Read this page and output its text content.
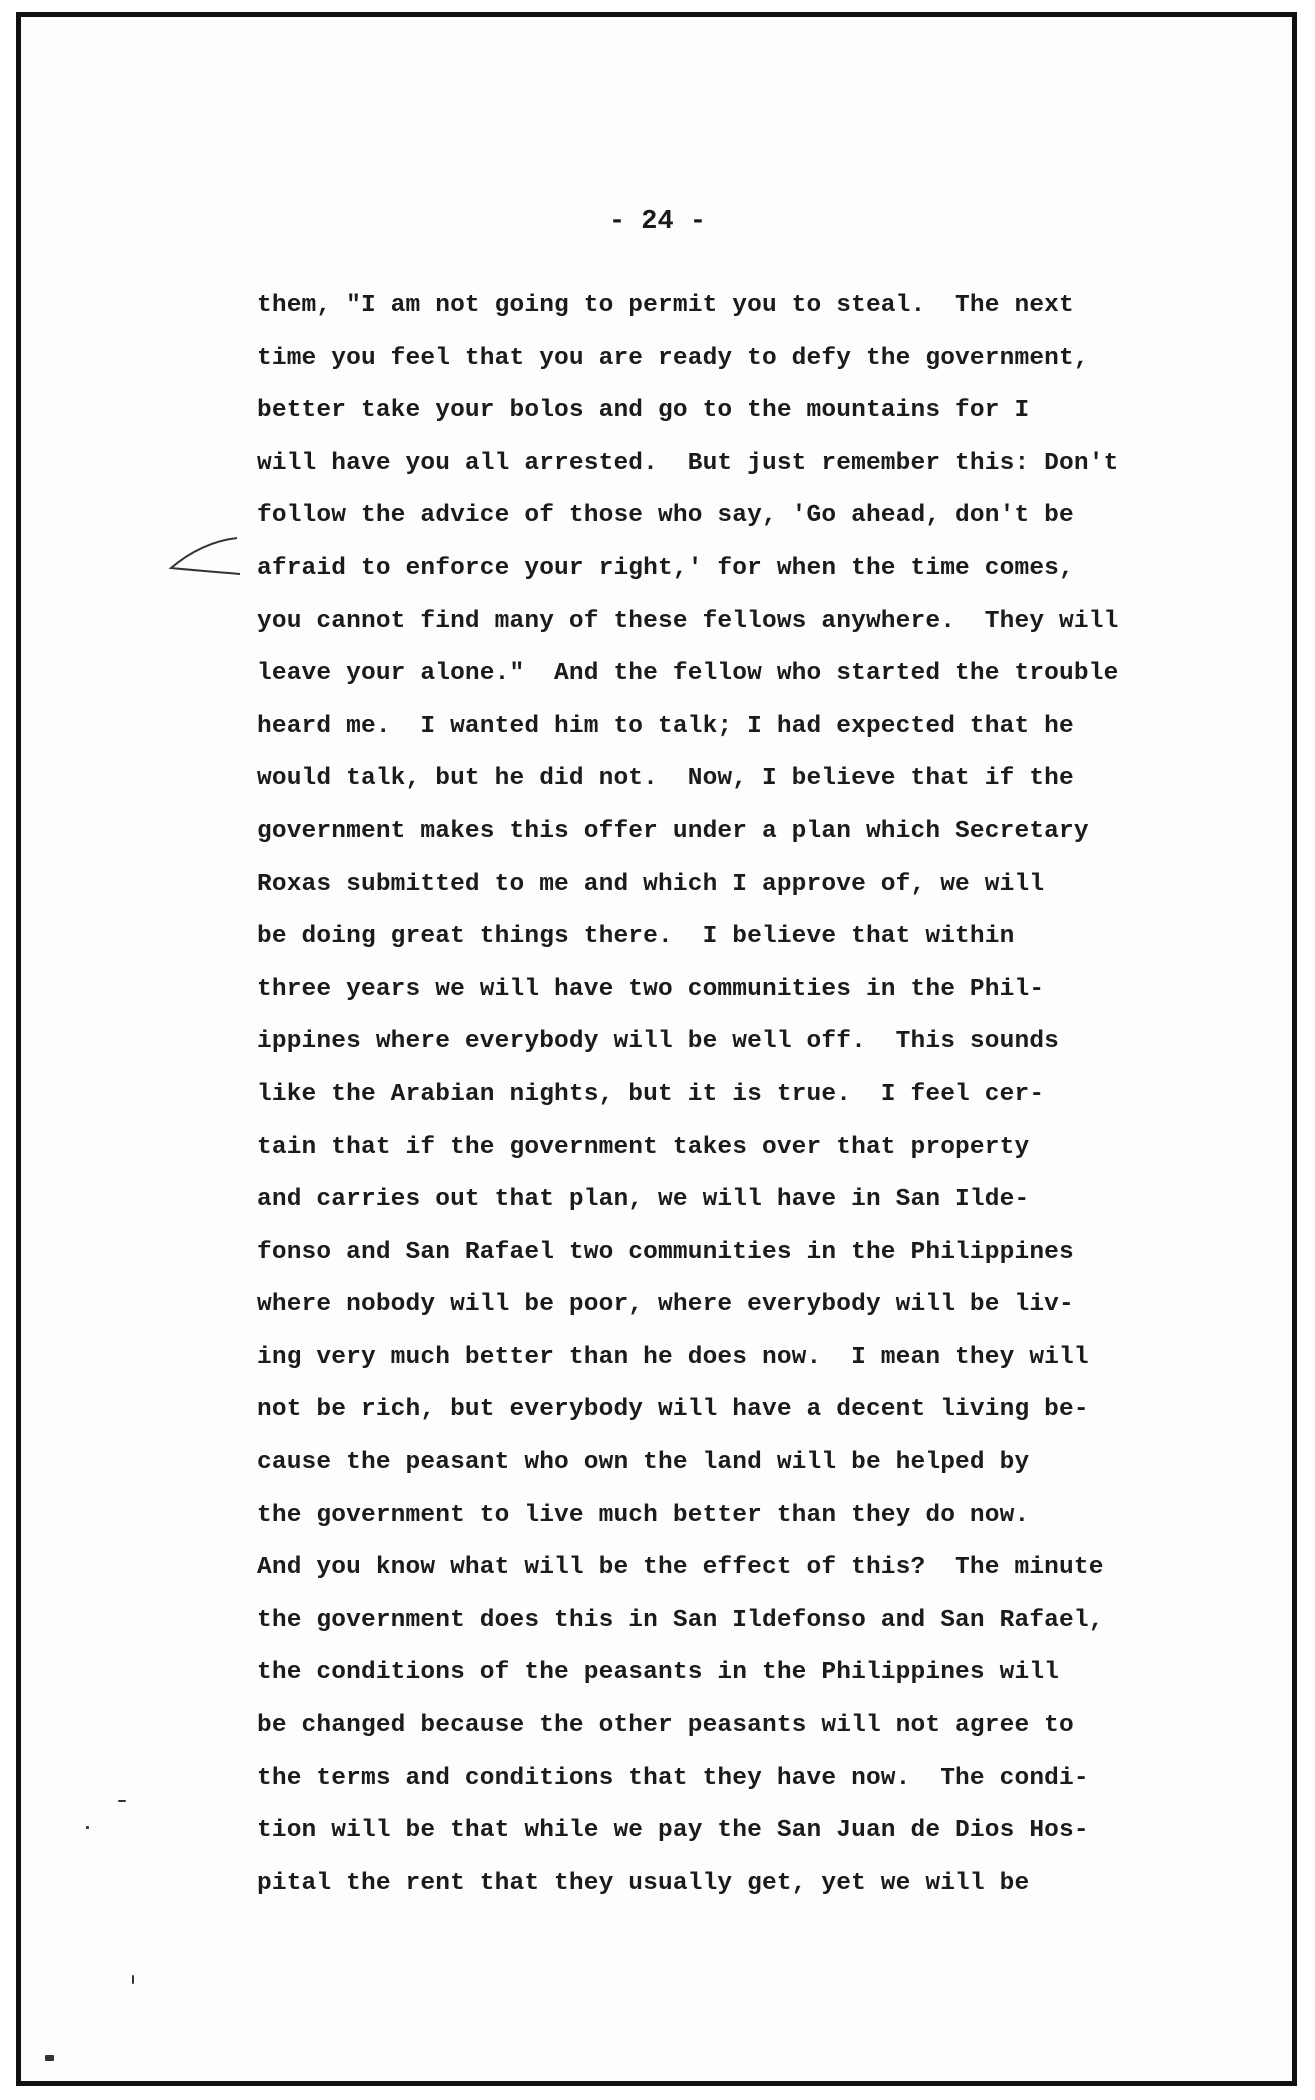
- 24 -
them, "I am not going to permit you to steal.  The next
time you feel that you are ready to defy the government,
better take your bolos and go to the mountains for I
will have you all arrested.  But just remember this: Don't
follow the advice of those who say, 'Go ahead, don't be
afraid to enforce your right,' for when the time comes,
you cannot find many of these fellows anywhere.  They will
leave your alone."  And the fellow who started the trouble
heard me.  I wanted him to talk; I had expected that he
would talk, but he did not.  Now, I believe that if the
government makes this offer under a plan which Secretary
Roxas submitted to me and which I approve of, we will
be doing great things there.  I believe that within
three years we will have two communities in the Phil-
ippines where everybody will be well off.  This sounds
like the Arabian nights, but it is true.  I feel cer-
tain that if the government takes over that property
and carries out that plan, we will have in San Ilde-
fonso and San Rafael two communities in the Philippines
where nobody will be poor, where everybody will be liv-
ing very much better than he does now.  I mean they will
not be rich, but everybody will have a decent living be-
cause the peasant who own the land will be helped by
the government to live much better than they do now.
And you know what will be the effect of this?  The minute
the government does this in San Ildefonso and San Rafael,
the conditions of the peasants in the Philippines will
be changed because the other peasants will not agree to
the terms and conditions that they have now.  The condi-
tion will be that while we pay the San Juan de Dios Hos-
pital the rent that they usually get, yet we will be
